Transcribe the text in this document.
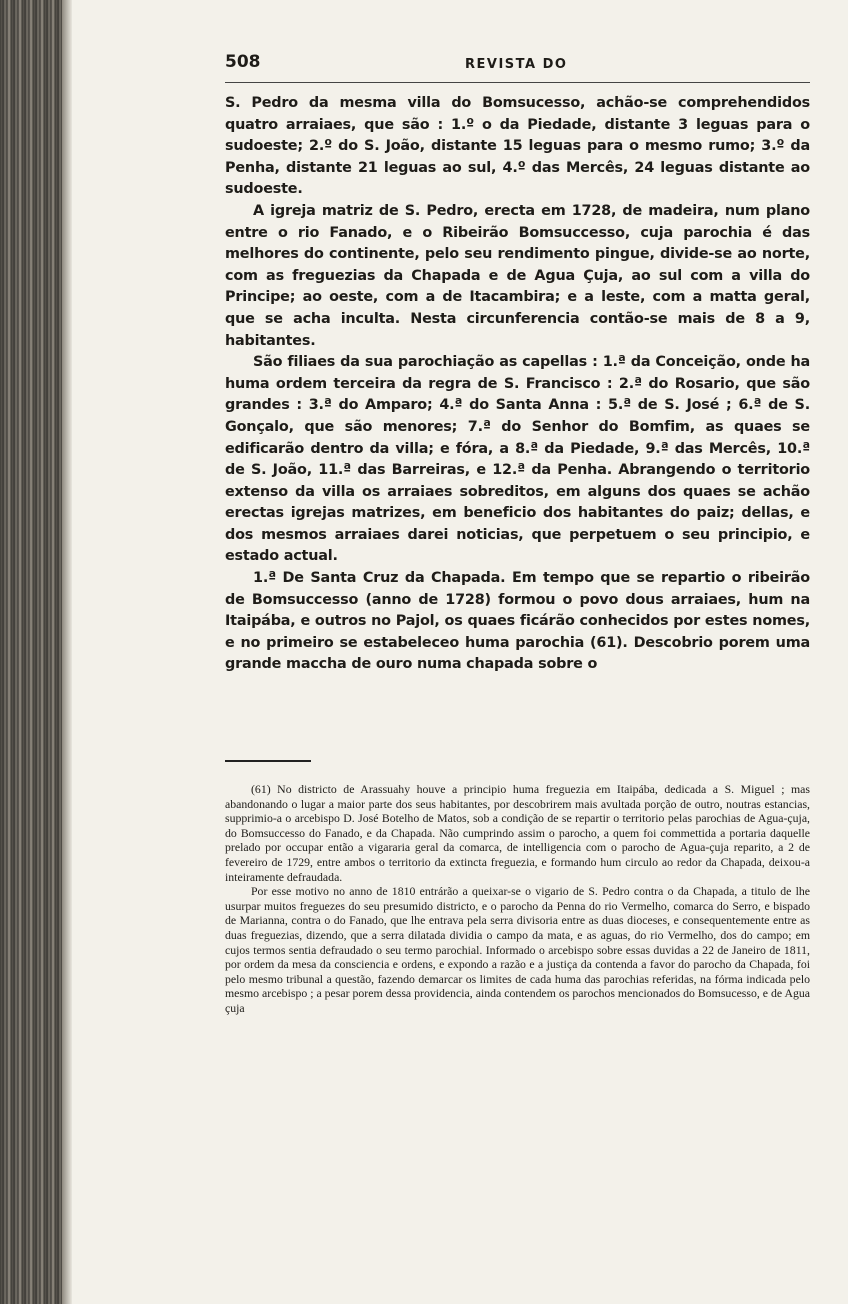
508	REVISTA DO

S. Pedro da mesma villa do Bomsucesso, achão-se comprehendidos quatro arraiaes, que são : 1.º o da Piedade, distante 3 leguas para o sudoeste; 2.º do S. João, distante 15 leguas para o mesmo rumo; 3.º da Penha, distante 21 leguas ao sul, 4.º das Mercês, 24 leguas distante ao sudoeste.

A igreja matriz de S. Pedro, erecta em 1728, de madeira, num plano entre o rio Fanado, e o Ribeirão Bomsuccesso, cuja parochia é das melhores do continente, pelo seu rendimento pingue, divide-se ao norte, com as freguezias da Chapada e de Agua Çuja, ao sul com a villa do Principe; ao oeste, com a de Itacambira; e a leste, com a matta geral, que se acha inculta. Nesta circunferencia contão-se mais de 8 a 9, habitantes.

São filiaes da sua parochiação as capellas : 1.ª da Conceição, onde ha huma ordem terceira da regra de S. Francisco : 2.ª do Rosario, que são grandes : 3.ª do Amparo; 4.ª do Santa Anna : 5.ª de S. José ; 6.ª de S. Gonçalo, que são menores; 7.ª do Senhor do Bomfim, as quaes se edificarão dentro da villa; e fóra, a 8.ª da Piedade, 9.ª das Mercês, 10.ª de S. João, 11.ª das Barreiras, e 12.ª da Penha. Abrangendo o territorio extenso da villa os arraiaes sobreditos, em alguns dos quaes se achão erectas igrejas matrizes, em beneficio dos habitantes do paiz; dellas, e dos mesmos arraiaes darei noticias, que perpetuem o seu principio, e estado actual.

1.ª De Santa Cruz da Chapada. Em tempo que se repartio o ribeirão de Bomsuccesso (anno de 1728) formou o povo dous arraiaes, hum na Itaipába, e outros no Pajol, os quaes ficárão conhecidos por estes nomes, e no primeiro se estabeleceo huma parochia (61). Descobrio porem uma grande maccha de ouro numa chapada sobre o

(61) No districto de Arassuahy houve a principio huma freguezia em Itaipába, dedicada a S. Miguel ; mas abandonando o lugar a maior parte dos seus habitantes, por descobrirem mais avultada porção de outro, noutras estancias, supprimio-a o arcebispo D. José Botelho de Matos, sob a condição de se repartir o territorio pelas parochias de Agua-çuja, do Bomsuccesso do Fanado, e da Chapada. Não cumprindo assim o parocho, a quem foi commettida a portaria daquelle prelado por occupar então a vigararia geral da comarca, de intelligencia com o parocho de Agua-çuja reparito, a 2 de fevereiro de 1729, entre ambos o territorio da extincta freguezia, e formando hum circulo ao redor da Chapada, deixou-a inteiramente defraudada.

Por esse motivo no anno de 1810 entrárão a queixar-se o vigario de S. Pedro contra o da Chapada, a titulo de lhe usurpar muitos freguezes do seu presumido districto, e o parocho da Penna do rio Vermelho, comarca do Serro, e bispado de Marianna, contra o do Fanado, que lhe entrava pela serra divisoria entre as duas dioceses, e consequentemente entre as duas freguezias, dizendo, que a serra dilatada dividia o campo da mata, e as aguas, do rio Vermelho, dos do campo; em cujos termos sentia defraudado o seu termo parochial. Informado o arcebispo sobre essas duvidas a 22 de Janeiro de 1811, por ordem da mesa da consciencia e ordens, e expondo a razão e a justiça da contenda a favor do parocho da Chapada, foi pelo mesmo tribunal a questão, fazendo demarcar os limites de cada huma das parochias referidas, na fórma indicada pelo mesmo arcebispo ; a pesar porem dessa providencia, ainda contendem os parochos mencionados do Bomsucesso, e de Agua çuja
